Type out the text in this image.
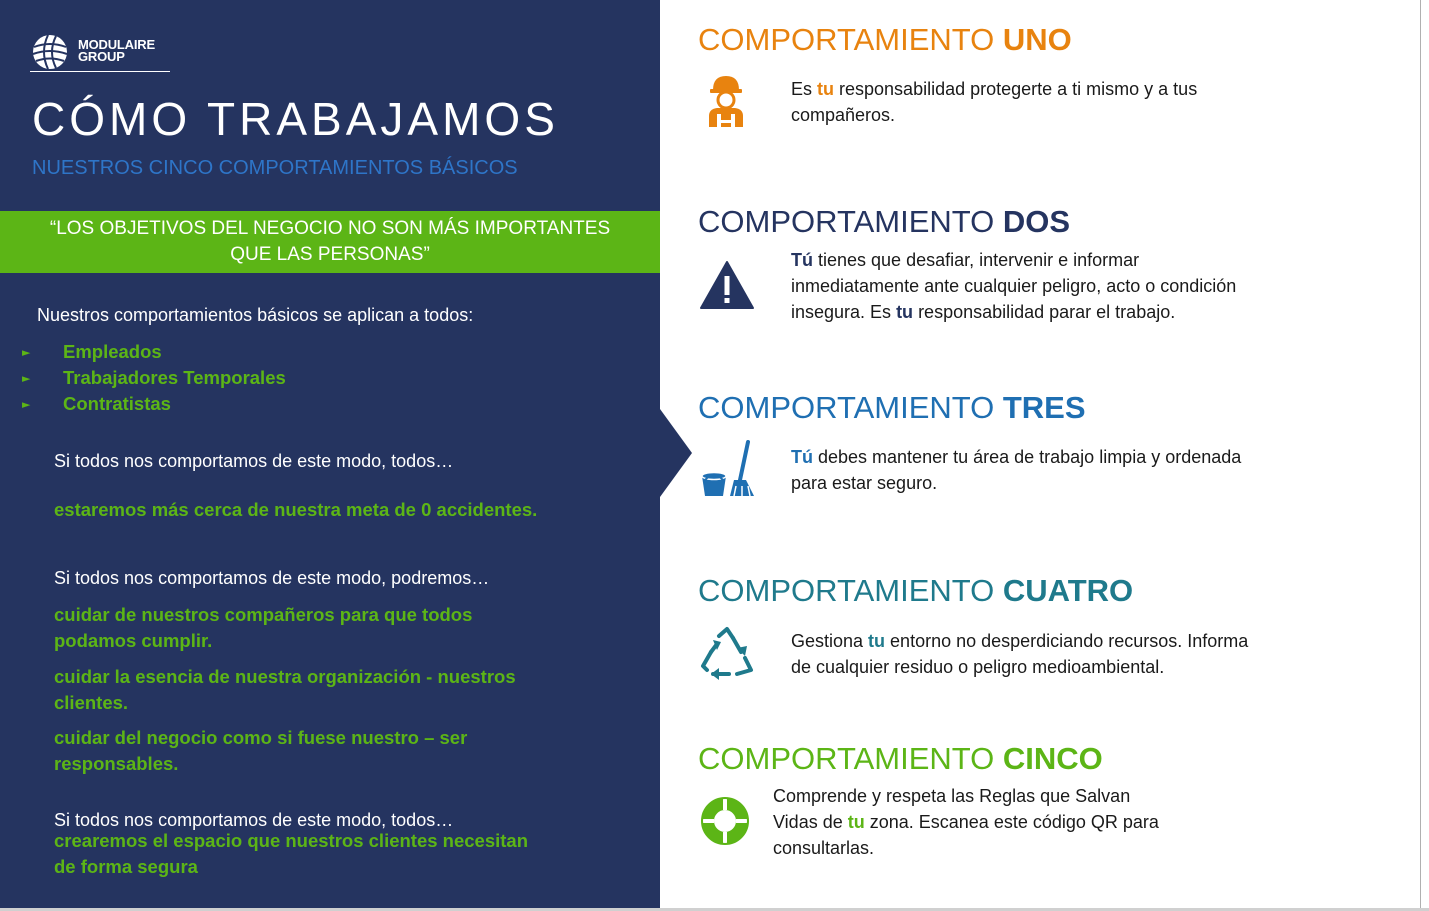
MODULAIRE
GROUP
CÓMO TRABAJAMOS
NUESTROS CINCO COMPORTAMIENTOS BÁSICOS
“LOS OBJETIVOS DEL NEGOCIO NO SON MÁS IMPORTANTES
QUE LAS PERSONAS”
Nuestros comportamientos básicos se aplican a todos:
► Empleados
► Trabajadores Temporales
► Contratistas
Si todos nos comportamos de este modo, todos…
estaremos más cerca de nuestra meta de 0 accidentes.
Si todos nos comportamos de este modo, podremos…
cuidar de nuestros compañeros para que todos
podamos cumplir.
cuidar la esencia de nuestra organización - nuestros
clientes.
cuidar del negocio como si fuese nuestro – ser
responsables.
Si todos nos comportamos de este modo, todos…
crearemos el espacio que nuestros clientes necesitan
de forma segura
COMPORTAMIENTO UNO
Es tu responsabilidad protegerte a ti mismo y a tus
compañeros.
COMPORTAMIENTO DOS
Tú tienes que desafiar, intervenir e informar
inmediatamente ante cualquier peligro, acto o condición
insegura. Es tu responsabilidad parar el trabajo.
COMPORTAMIENTO TRES
Tú debes mantener tu área de trabajo limpia y ordenada
para estar seguro.
COMPORTAMIENTO CUATRO
Gestiona tu entorno no desperdiciando recursos. Informa
de cualquier residuo o peligro medioambiental.
COMPORTAMIENTO CINCO
Comprende y respeta las Reglas que Salvan
Vidas de tu zona. Escanea este código QR para
consultarlas.
